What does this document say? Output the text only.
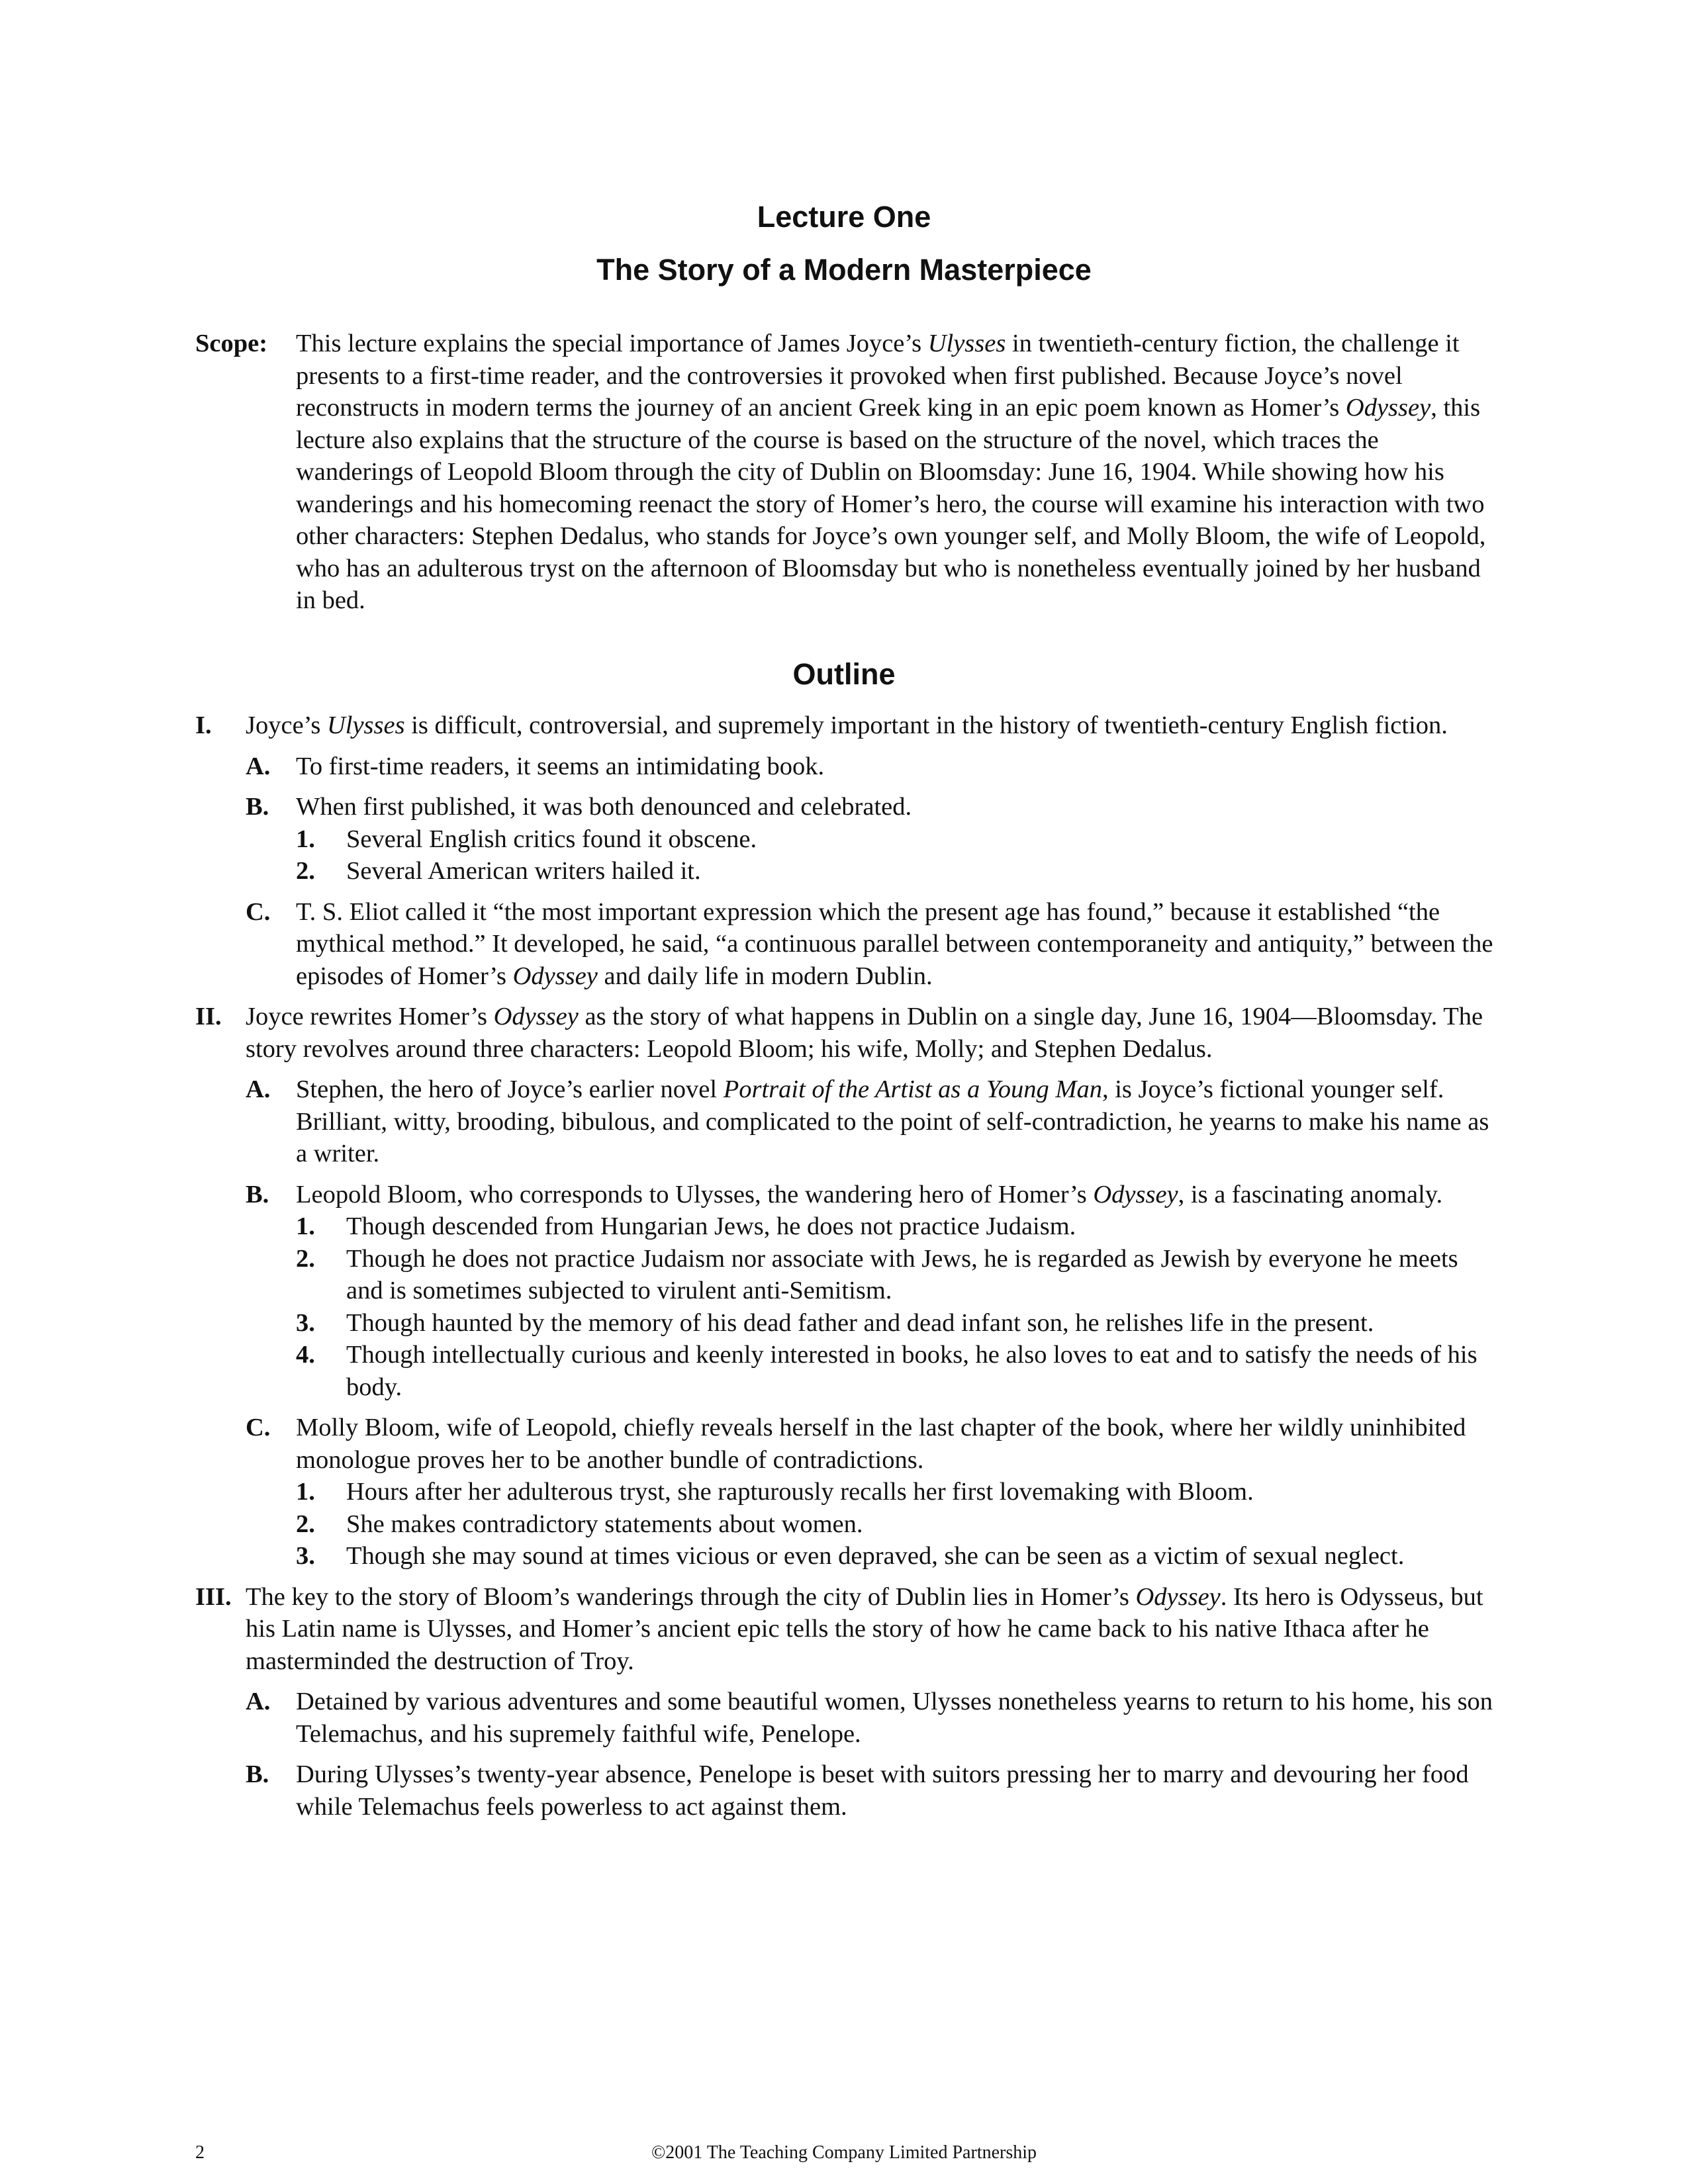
Lecture One
The Story of a Modern Masterpiece
Scope: This lecture explains the special importance of James Joyce’s Ulysses in twentieth-century fiction, the challenge it presents to a first-time reader, and the controversies it provoked when first published. Because Joyce’s novel reconstructs in modern terms the journey of an ancient Greek king in an epic poem known as Homer’s Odyssey, this lecture also explains that the structure of the course is based on the structure of the novel, which traces the wanderings of Leopold Bloom through the city of Dublin on Bloomsday: June 16, 1904. While showing how his wanderings and his homecoming reenact the story of Homer’s hero, the course will examine his interaction with two other characters: Stephen Dedalus, who stands for Joyce’s own younger self, and Molly Bloom, the wife of Leopold, who has an adulterous tryst on the afternoon of Bloomsday but who is nonetheless eventually joined by her husband in bed.
Outline
I. Joyce’s Ulysses is difficult, controversial, and supremely important in the history of twentieth-century English fiction.
A. To first-time readers, it seems an intimidating book.
B. When first published, it was both denounced and celebrated.
1. Several English critics found it obscene.
2. Several American writers hailed it.
C. T. S. Eliot called it “the most important expression which the present age has found,” because it established “the mythical method.” It developed, he said, “a continuous parallel between contemporaneity and antiquity,” between the episodes of Homer’s Odyssey and daily life in modern Dublin.
II. Joyce rewrites Homer’s Odyssey as the story of what happens in Dublin on a single day, June 16, 1904—Bloomsday. The story revolves around three characters: Leopold Bloom; his wife, Molly; and Stephen Dedalus.
A. Stephen, the hero of Joyce’s earlier novel Portrait of the Artist as a Young Man, is Joyce’s fictional younger self. Brilliant, witty, brooding, bibulous, and complicated to the point of self-contradiction, he yearns to make his name as a writer.
B. Leopold Bloom, who corresponds to Ulysses, the wandering hero of Homer’s Odyssey, is a fascinating anomaly.
1. Though descended from Hungarian Jews, he does not practice Judaism.
2. Though he does not practice Judaism nor associate with Jews, he is regarded as Jewish by everyone he meets and is sometimes subjected to virulent anti-Semitism.
3. Though haunted by the memory of his dead father and dead infant son, he relishes life in the present.
4. Though intellectually curious and keenly interested in books, he also loves to eat and to satisfy the needs of his body.
C. Molly Bloom, wife of Leopold, chiefly reveals herself in the last chapter of the book, where her wildly uninhibited monologue proves her to be another bundle of contradictions.
1. Hours after her adulterous tryst, she rapturously recalls her first lovemaking with Bloom.
2. She makes contradictory statements about women.
3. Though she may sound at times vicious or even depraved, she can be seen as a victim of sexual neglect.
III. The key to the story of Bloom’s wanderings through the city of Dublin lies in Homer’s Odyssey. Its hero is Odysseus, but his Latin name is Ulysses, and Homer’s ancient epic tells the story of how he came back to his native Ithaca after he masterminded the destruction of Troy.
A. Detained by various adventures and some beautiful women, Ulysses nonetheless yearns to return to his home, his son Telemachus, and his supremely faithful wife, Penelope.
B. During Ulysses’s twenty-year absence, Penelope is beset with suitors pressing her to marry and devouring her food while Telemachus feels powerless to act against them.
2	©2001 The Teaching Company Limited Partnership
